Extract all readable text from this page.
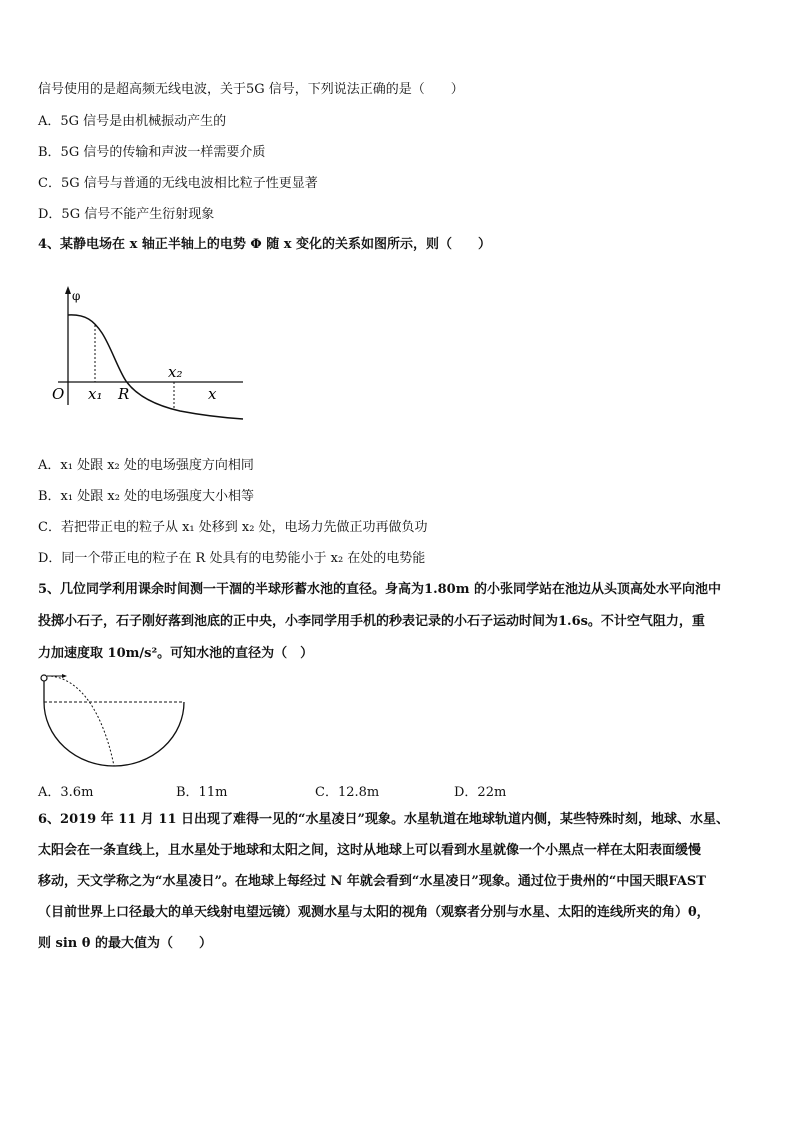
信号使用的是超高频无线电波，关于5G 信号，下列说法正确的是（　　）
A．5G 信号是由机械振动产生的
B．5G 信号的传输和声波一样需要介质
C．5G 信号与普通的无线电波相比粒子性更显著
D．5G 信号不能产生衍射现象
4、某静电场在 x 轴正半轴上的电势 Φ 随 x 变化的关系如图所示，则（　　）
φ
O x₁ R
x₂
x
A．x₁ 处跟 x₂ 处的电场强度方向相同
B．x₁ 处跟 x₂ 处的电场强度大小相等
C．若把带正电的粒子从 x₁ 处移到 x₂ 处，电场力先做正功再做负功
D．同一个带正电的粒子在 R 处具有的电势能小于 x₂ 在处的电势能
5、几位同学利用课余时间测一干涸的半球形蓄水池的直径。身高为1.80m 的小张同学站在池边从头顶高处水平向池中
投掷小石子，石子刚好落到池底的正中央，小李同学用手机的秒表记录的小石子运动时间为1.6s。不计空气阻力，重
力加速度取 10m/s²。可知水池的直径为（　）
A．3.6m	B．11m	C．12.8m	D．22m
6、2019 年 11 月 11 日出现了难得一见的“水星凌日”现象。水星轨道在地球轨道内侧，某些特殊时刻，地球、水星、
太阳会在一条直线上，且水星处于地球和太阳之间，这时从地球上可以看到水星就像一个小黑点一样在太阳表面缓慢
移动，天文学称之为“水星凌日”。在地球上每经过 N 年就会看到“水星凌日”现象。通过位于贵州的“中国天眼FAST
（目前世界上口径最大的单天线射电望远镜）观测水星与太阳的视角（观察者分别与水星、太阳的连线所夹的角）θ，
则 sin θ 的最大值为（　　）
